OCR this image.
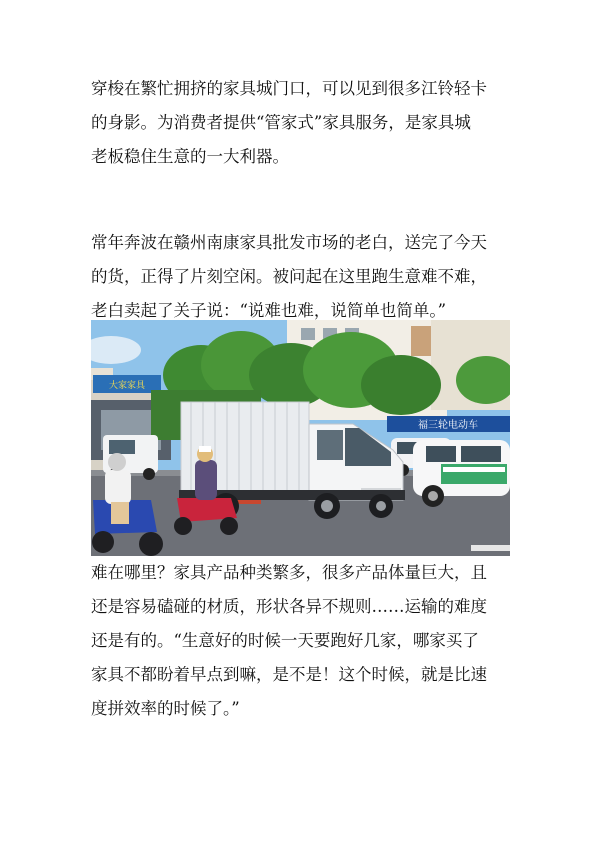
穿梭在繁忙拥挤的家具城门口，可以见到很多江铃轻卡
的身影。为消费者提供“管家式”家具服务，是家具城
老板稳住生意的一大利器。
常年奔波在赣州南康家具批发市场的老白，送完了今天
的货，正得了片刻空闲。被问起在这里跑生意难不难，
老白卖起了关子说：“说难也难，说简单也简单。”
大家家具
福三轮电动车
难在哪里？家具产品种类繁多，很多产品体量巨大，且
还是容易磕碰的材质，形状各异不规则……运输的难度
还是有的。“生意好的时候一天要跑好几家，哪家买了
家具不都盼着早点到嘛，是不是！这个时候，就是比速
度拼效率的时候了。”
